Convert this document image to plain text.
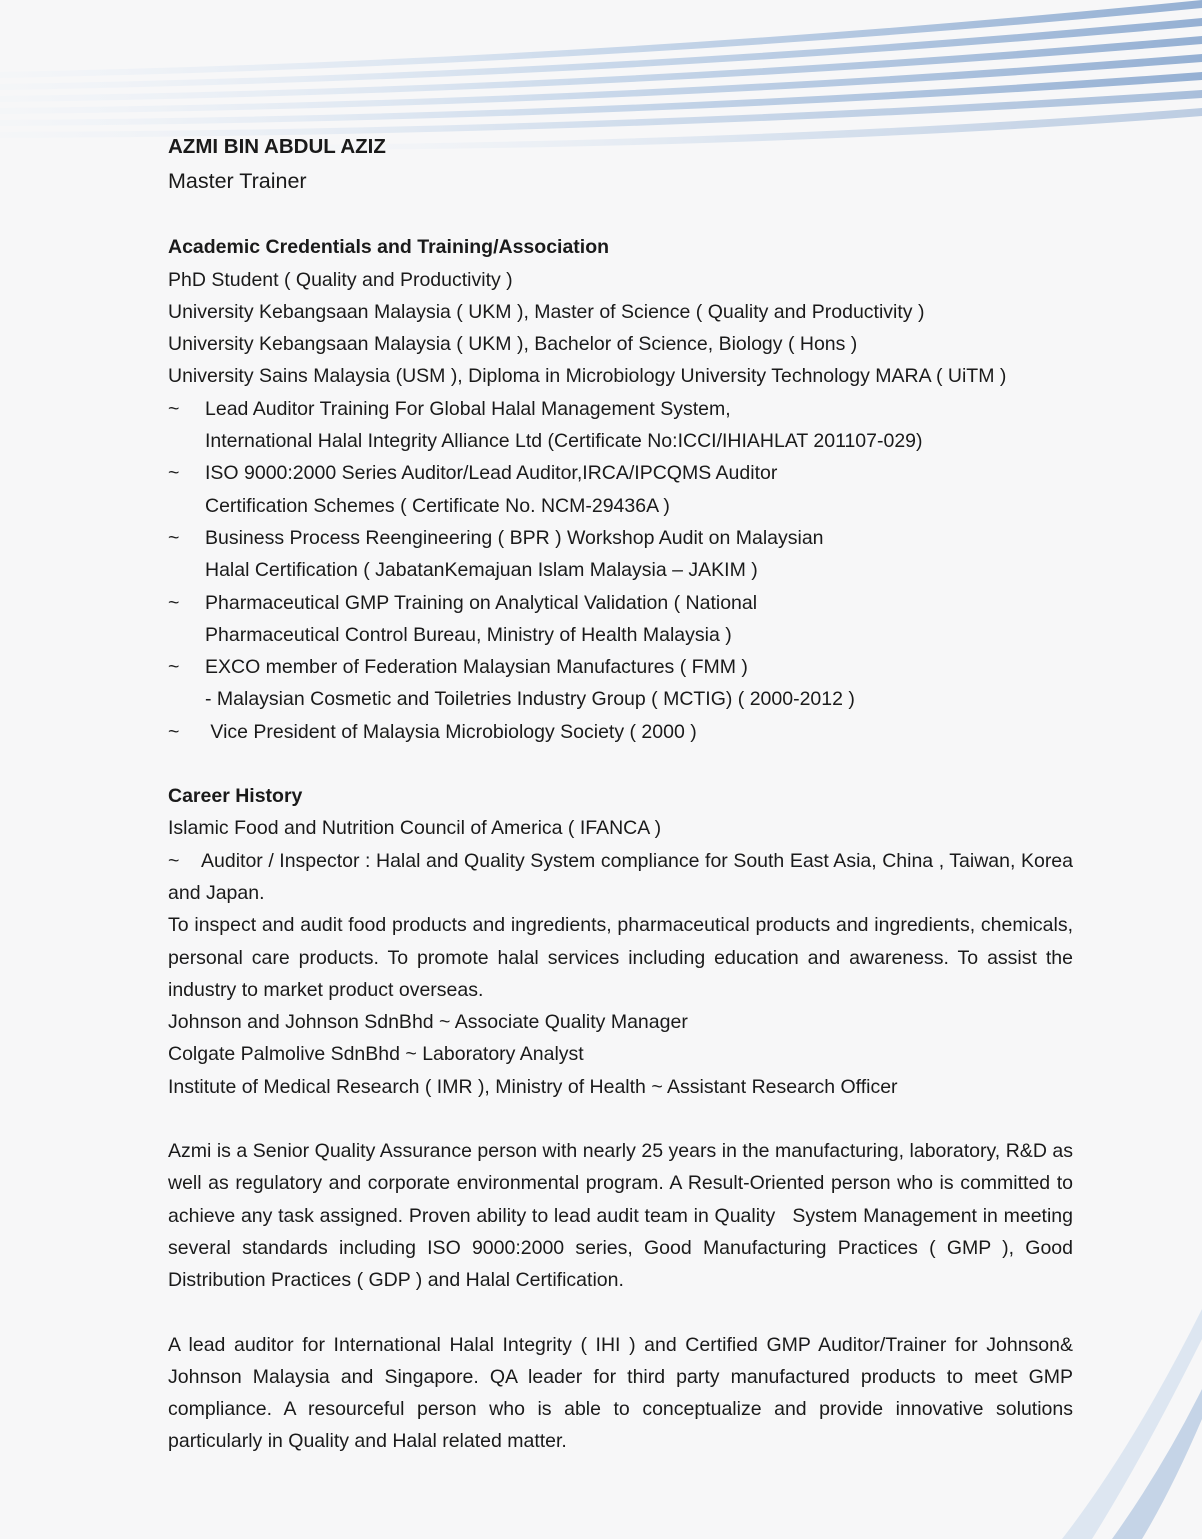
AZMI BIN ABDUL AZIZ
Master Trainer
Academic Credentials and Training/Association
PhD Student ( Quality and Productivity )
University Kebangsaan Malaysia ( UKM ), Master of Science ( Quality and Productivity )
University Kebangsaan Malaysia ( UKM ), Bachelor of Science, Biology ( Hons )
University Sains Malaysia (USM ), Diploma in Microbiology University Technology MARA ( UiTM )
~	Lead Auditor Training For Global Halal Management System,
International Halal Integrity Alliance Ltd (Certificate No:ICCI/IHIAHLAT 201107-029)
~	ISO 9000:2000 Series Auditor/Lead Auditor,IRCA/IPCQMS Auditor
Certification Schemes ( Certificate No. NCM-29436A )
~	Business Process Reengineering ( BPR ) Workshop Audit on Malaysian
Halal Certification ( JabatanKemajuan Islam Malaysia – JAKIM )
~	Pharmaceutical GMP Training on Analytical Validation ( National
Pharmaceutical Control Bureau, Ministry of Health Malaysia )
~	EXCO member of Federation Malaysian Manufactures ( FMM )
- Malaysian Cosmetic and Toiletries Industry Group ( MCTIG) ( 2000-2012 )
~	Vice President of Malaysia Microbiology Society ( 2000 )
Career History
Islamic Food and Nutrition Council of America ( IFANCA )
~ Auditor / Inspector : Halal and Quality System compliance for South East Asia, China , Taiwan, Korea and Japan.
To inspect and audit food products and ingredients, pharmaceutical products and ingredients, chemicals, personal care products. To promote halal services including education and awareness. To assist the industry to market product overseas.
Johnson and Johnson SdnBhd ~ Associate Quality Manager
Colgate Palmolive SdnBhd ~ Laboratory Analyst
Institute of Medical Research ( IMR ), Ministry of Health ~ Assistant Research Officer
Azmi is a Senior Quality Assurance person with nearly 25 years in the manufacturing, laboratory, R&D as well as regulatory and corporate environmental program. A Result-Oriented person who is committed to achieve any task assigned. Proven ability to lead audit team in Quality   System Management in meeting several standards including ISO 9000:2000 series, Good Manufacturing Practices ( GMP ), Good Distribution Practices ( GDP ) and Halal Certification.
A lead auditor for International Halal Integrity ( IHI ) and Certified GMP Auditor/Trainer for Johnson& Johnson Malaysia and Singapore. QA leader for third party manufactured products to meet GMP compliance. A resourceful person who is able to conceptualize and provide innovative solutions particularly in Quality and Halal related matter.
